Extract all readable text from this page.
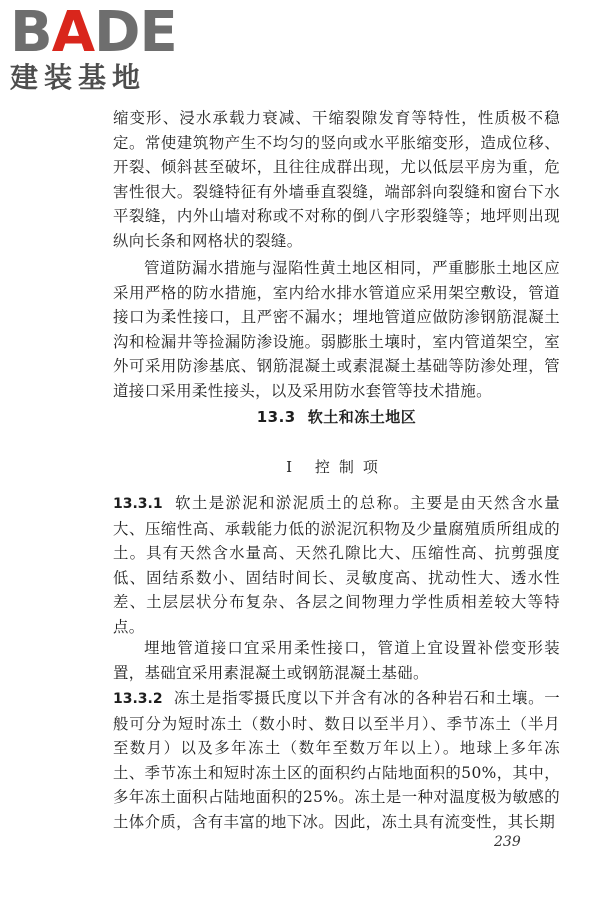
BADE
建装基地

缩变形、浸水承载力衰减、干缩裂隙发育等特性，性质极不稳定。常使建筑物产生不均匀的竖向或水平胀缩变形，造成位移、开裂、倾斜甚至破坏，且往往成群出现，尤以低层平房为重，危害性很大。裂缝特征有外墙垂直裂缝，端部斜向裂缝和窗台下水平裂缝，内外山墙对称或不对称的倒八字形裂缝等；地坪则出现纵向长条和网格状的裂缝。

管道防漏水措施与湿陷性黄土地区相同，严重膨胀土地区应采用严格的防水措施，室内给水排水管道应采用架空敷设，管道接口为柔性接口，且严密不漏水；埋地管道应做防渗钢筋混凝土沟和检漏井等捡漏防渗设施。弱膨胀土壤时，室内管道架空，室外可采用防渗基底、钢筋混凝土或素混凝土基础等防渗处理，管道接口采用柔性接头，以及采用防水套管等技术措施。

13.3 软土和冻土地区
Ⅰ 控制项

13.3.1 软土是淤泥和淤泥质土的总称。主要是由天然含水量大、压缩性高、承载能力低的淤泥沉积物及少量腐殖质所组成的土。具有天然含水量高、天然孔隙比大、压缩性高、抗剪强度低、固结系数小、固结时间长、灵敏度高、扰动性大、透水性差、土层层状分布复杂、各层之间物理力学性质相差较大等特点。

埋地管道接口宜采用柔性接口，管道上宜设置补偿变形装置，基础宜采用素混凝土或钢筋混凝土基础。

13.3.2 冻土是指零摄氏度以下并含有冰的各种岩石和土壤。一般可分为短时冻土（数小时、数日以至半月）、季节冻土（半月至数月）以及多年冻土（数年至数万年以上）。地球上多年冻土、季节冻土和短时冻土区的面积约占陆地面积的50%，其中，多年冻土面积占陆地面积的25%。冻土是一种对温度极为敏感的土体介质，含有丰富的地下冰。因此，冻土具有流变性，其长期

239
